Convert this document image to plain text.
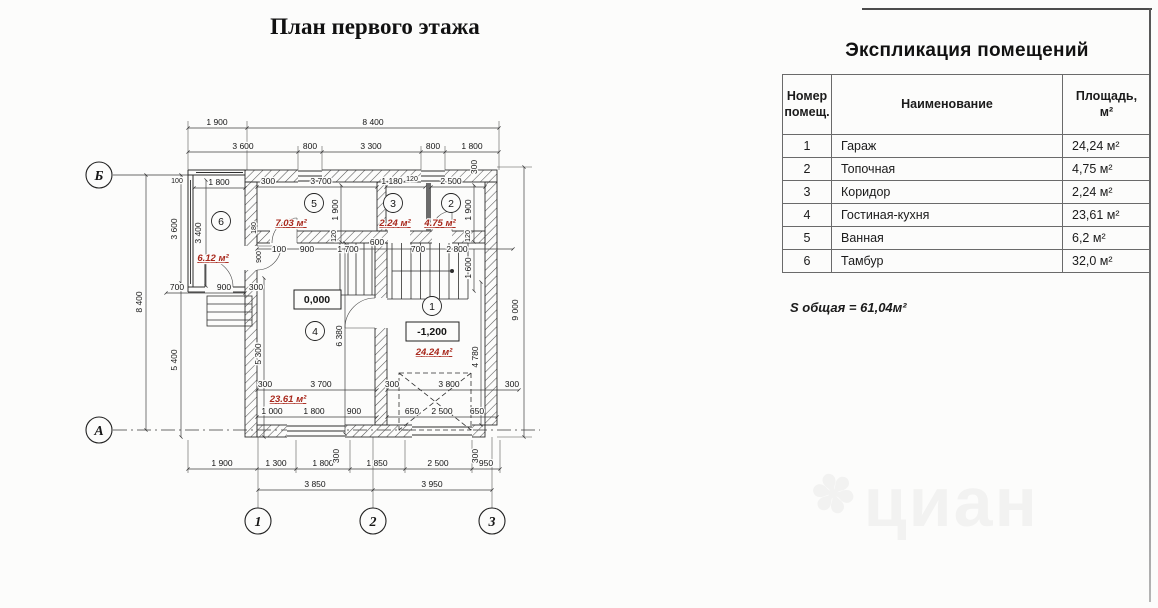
План первого этажа
1 900	8 400
3 600	800	3 300	800	1 800
8 400
3 600
5 400
100	1 800
3 400
700	900 300
180
900
300	3 700	1 180 120	2 500
300
1 900	1 900
120	120
100 900	1 700
600
700	2 800
1 600
300	3 700
1 000 1 800	900
6 380
5 300
300	3 800	300
650 2 500 650
4 780
9 000
1 900	1 300	1 800	1 850	2 500	950
300	300
3 850	3 950
7.03 м²	2.24 м² 4.75 м²
6.12 м²
23.61 м²
24.24 м²
0,000
-1,200
5	3	2
6
4
1
Б
А
1	2	3
Экспликация помещений
Номер помещ.	Наименование	Площадь,
м²
1	Гараж	24,24 м²
2	Топочная	4,75 м²
3	Коридор	2,24 м²
4	Гостиная-кухня	23,61 м²
5	Ванная	6,2 м²
6	Тамбур	32,0 м²
S общая = 61,04м²
✽циан
